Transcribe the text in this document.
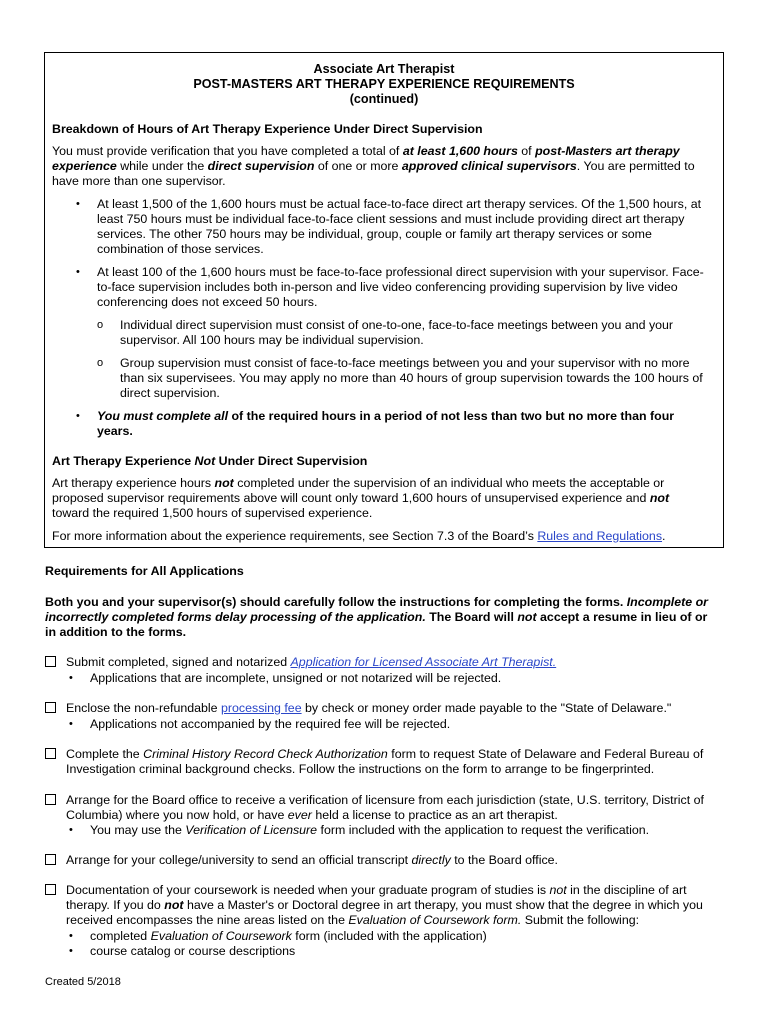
Associate Art Therapist
POST-MASTERS ART THERAPY EXPERIENCE REQUIREMENTS
(continued)
Breakdown of Hours of Art Therapy Experience Under Direct Supervision
You must provide verification that you have completed a total of at least 1,600 hours of post-Masters art therapy
experience while under the direct supervision of one or more approved clinical supervisors. You are permitted to
have more than one supervisor.
• At least 1,500 of the 1,600 hours must be actual face-to-face direct art therapy services. Of the 1,500 hours, at
least 750 hours must be individual face-to-face client sessions and must include providing direct art therapy
services. The other 750 hours may be individual, group, couple or family art therapy services or some
combination of those services.
• At least 100 of the 1,600 hours must be face-to-face professional direct supervision with your supervisor. Face-
to-face supervision includes both in-person and live video conferencing providing supervision by live video
conferencing does not exceed 50 hours.
o Individual direct supervision must consist of one-to-one, face-to-face meetings between you and your
supervisor. All 100 hours may be individual supervision.
o Group supervision must consist of face-to-face meetings between you and your supervisor with no more
than six supervisees. You may apply no more than 40 hours of group supervision towards the 100 hours of
direct supervision.
• You must complete all of the required hours in a period of not less than two but no more than four
years.
Art Therapy Experience Not Under Direct Supervision
Art therapy experience hours not completed under the supervision of an individual who meets the acceptable or
proposed supervisor requirements above will count only toward 1,600 hours of unsupervised experience and not
toward the required 1,500 hours of supervised experience.
For more information about the experience requirements, see Section 7.3 of the Board’s Rules and Regulations.
Requirements for All Applications
Both you and your supervisor(s) should carefully follow the instructions for completing the forms. Incomplete or
incorrectly completed forms delay processing of the application. The Board will not accept a resume in lieu of or
in addition to the forms.
Submit completed, signed and notarized Application for Licensed Associate Art Therapist.
• Applications that are incomplete, unsigned or not notarized will be rejected.
Enclose the non-refundable processing fee by check or money order made payable to the "State of Delaware."
• Applications not accompanied by the required fee will be rejected.
Complete the Criminal History Record Check Authorization form to request State of Delaware and Federal Bureau of
Investigation criminal background checks. Follow the instructions on the form to arrange to be fingerprinted.
Arrange for the Board office to receive a verification of licensure from each jurisdiction (state, U.S. territory, District of
Columbia) where you now hold, or have ever held a license to practice as an art therapist.
• You may use the Verification of Licensure form included with the application to request the verification.
Arrange for your college/university to send an official transcript directly to the Board office.
Documentation of your coursework is needed when your graduate program of studies is not in the discipline of art
therapy. If you do not have a Master's or Doctoral degree in art therapy, you must show that the degree in which you
received encompasses the nine areas listed on the Evaluation of Coursework form. Submit the following:
• completed Evaluation of Coursework form (included with the application)
• course catalog or course descriptions
Created 5/2018
